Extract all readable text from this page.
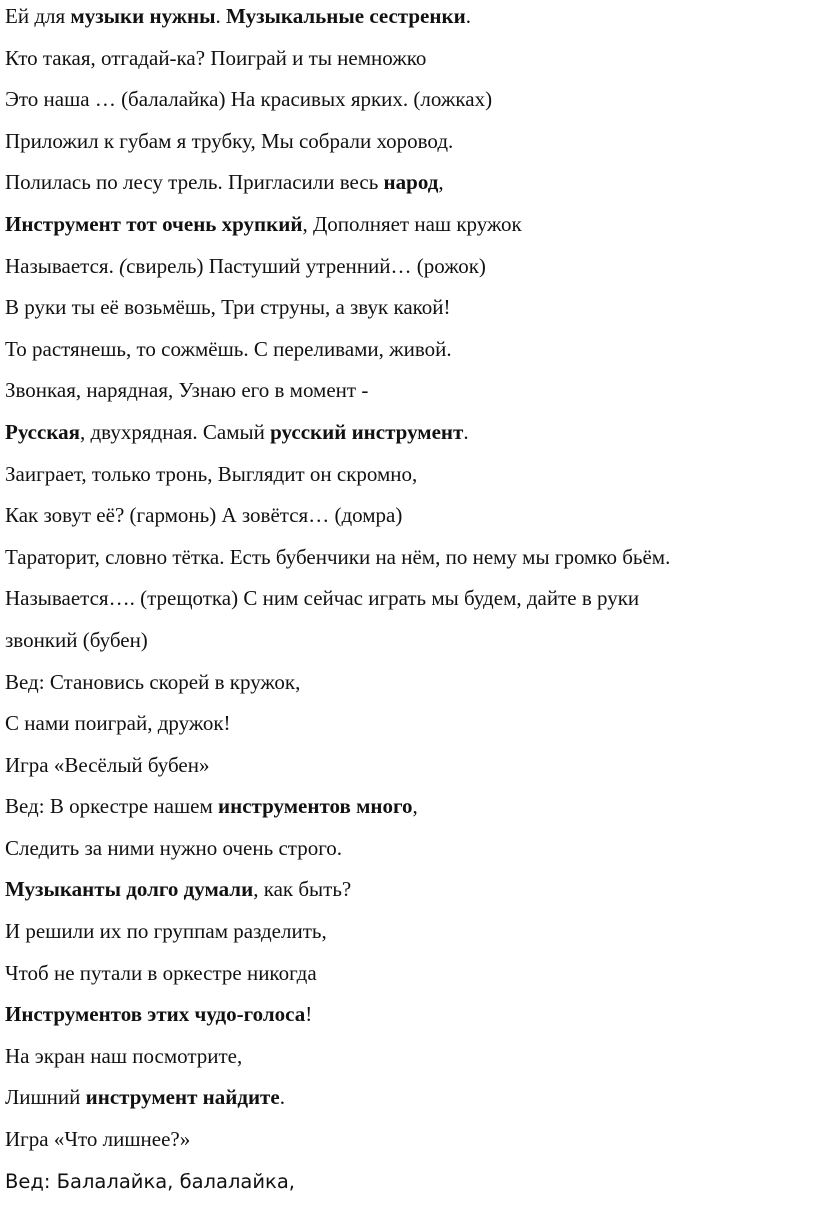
Ей для музыки нужны. Музыкальные сестренки.
Кто такая, отгадай-ка? Поиграй и ты немножко
Это наша … (балалайка) На красивых ярких. (ложках)
Приложил к губам я трубку, Мы собрали хоровод.
Полилась по лесу трель. Пригласили весь народ,
Инструмент тот очень хрупкий, Дополняет наш кружок
Называется. (свирель) Пастуший утренний… (рожок)
В руки ты её возьмёшь, Три струны, а звук какой!
То растянешь, то сожмёшь. С переливами, живой.
Звонкая, нарядная, Узнаю его в момент -
Русская, двухрядная. Самый русский инструмент.
Заиграет, только тронь, Выглядит он скромно,
Как зовут её? (гармонь) А зовётся… (домра)
Тараторит, словно тётка. Есть бубенчики на нём, по нему мы громко бьём.
Называется…. (трещотка) С ним сейчас играть мы будем, дайте в руки
звонкий (бубен)
Вед: Становись скорей в кружок,
С нами поиграй, дружок!
Игра «Весёлый бубен»
Вед: В оркестре нашем инструментов много,
Следить за ними нужно очень строго.
Музыканты долго думали, как быть?
И решили их по группам разделить,
Чтоб не путали в оркестре никогда
Инструментов этих чудо-голоса!
На экран наш посмотрите,
Лишний инструмент найдите.
Игра «Что лишнее?»
Вед: Балалайка, балалайка,
